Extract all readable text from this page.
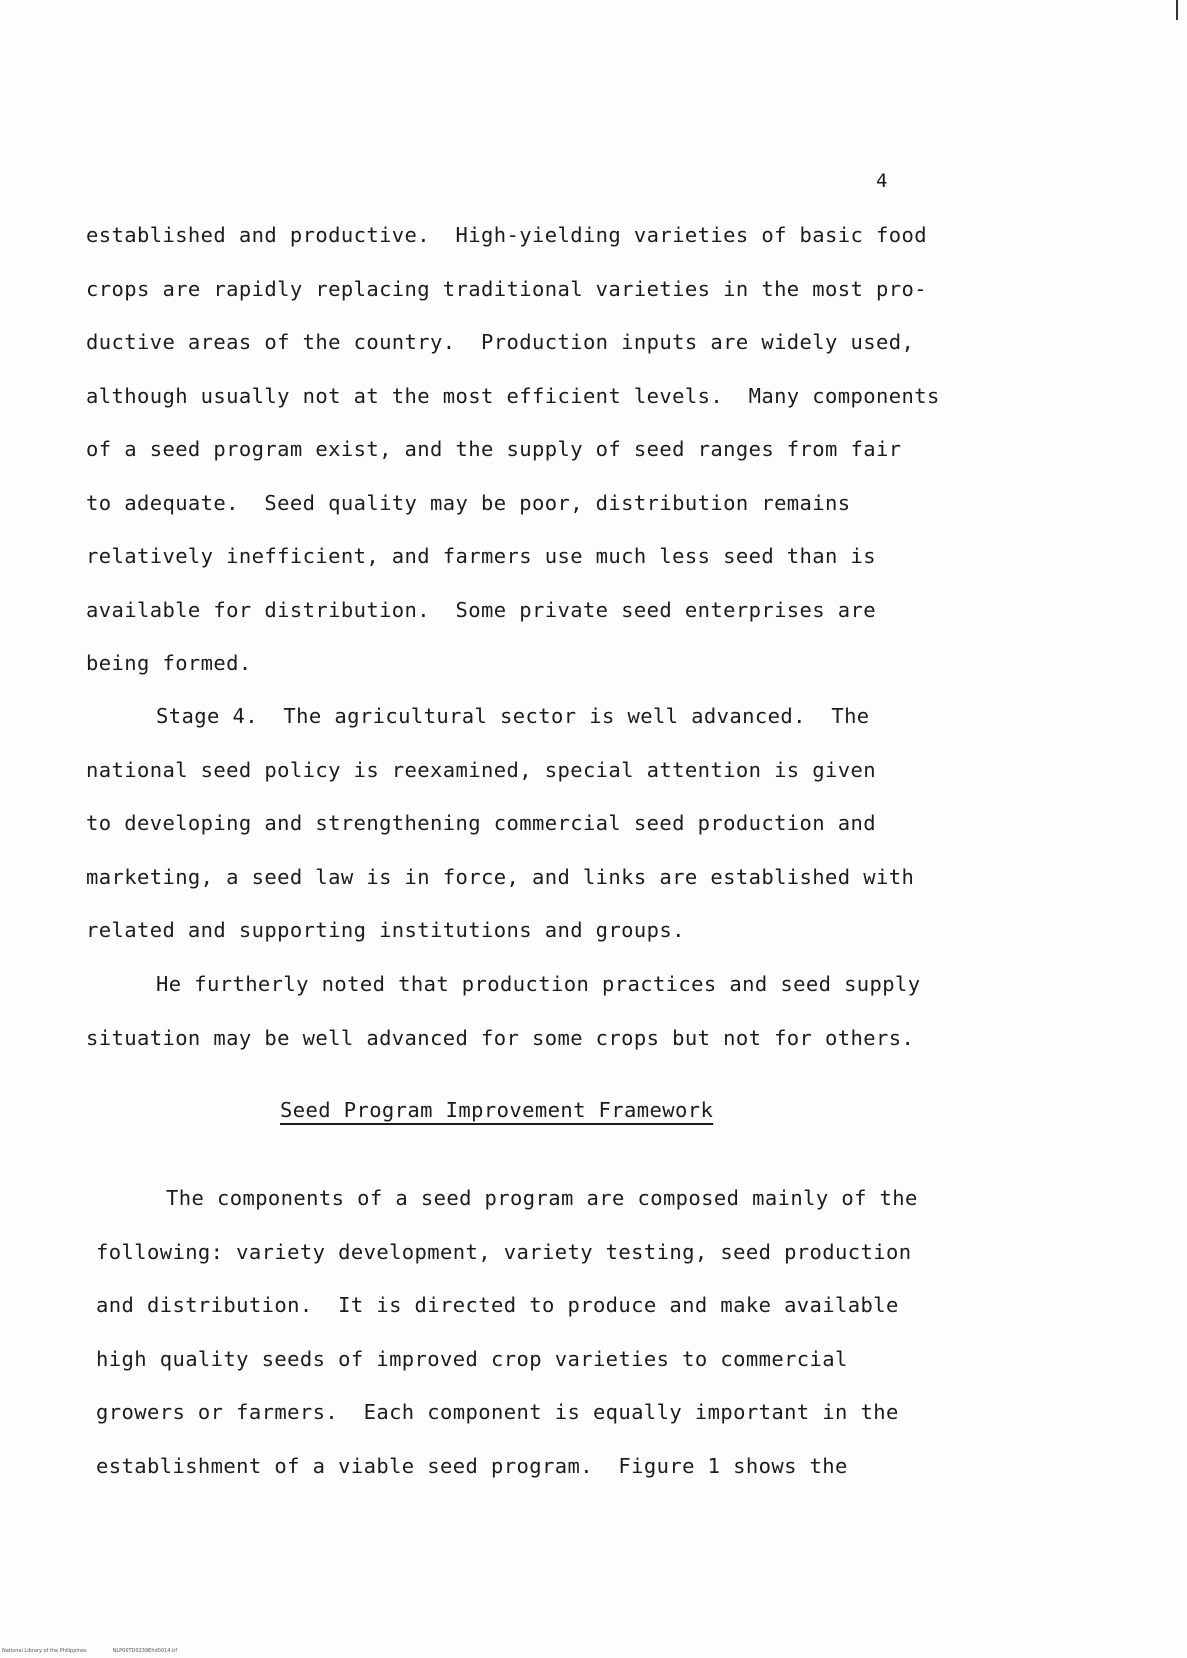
4
established and productive.  High-yielding varieties of basic food
crops are rapidly replacing traditional varieties in the most pro-
ductive areas of the country.  Production inputs are widely used,
although usually not at the most efficient levels.  Many components
of a seed program exist, and the supply of seed ranges from fair
to adequate.  Seed quality may be poor, distribution remains
relatively inefficient, and farmers use much less seed than is
available for distribution.  Some private seed enterprises are
being formed.
Stage 4.  The agricultural sector is well advanced.  The
national seed policy is reexamined, special attention is given
to developing and strengthening commercial seed production and
marketing, a seed law is in force, and links are established with
related and supporting institutions and groups.
He furtherly noted that production practices and seed supply
situation may be well advanced for some crops but not for others.
Seed Program Improvement Framework
The components of a seed program are composed mainly of the
following: variety development, variety testing, seed production
and distribution.  It is directed to produce and make available
high quality seeds of improved crop varieties to commercial
growers or farmers.  Each component is equally important in the
establishment of a viable seed program.  Figure 1 shows the
National Library of the Philippines	NLP00TD0239Ehd0014.tif
